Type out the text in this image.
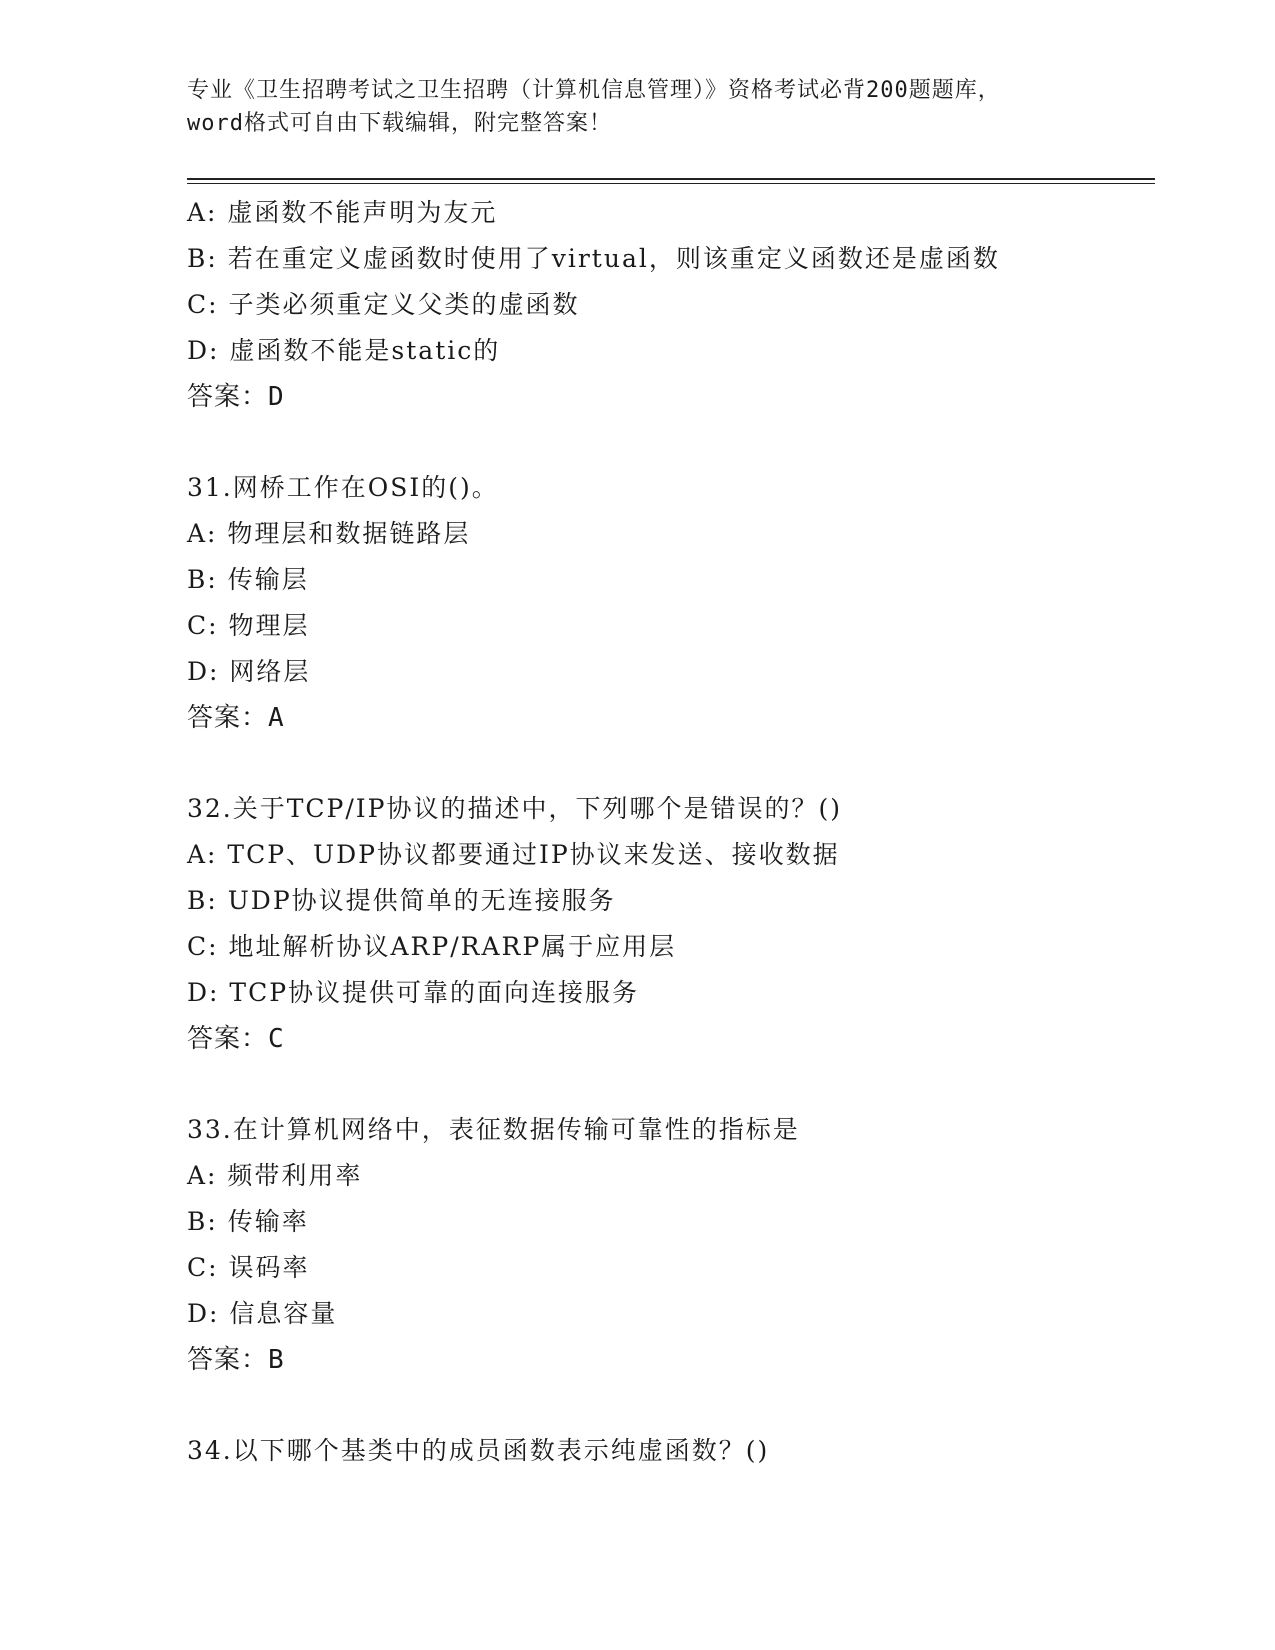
专业《卫生招聘考试之卫生招聘（计算机信息管理）》资格考试必背200题题库，
word格式可自由下载编辑，附完整答案！
A: 虚函数不能声明为友元
B: 若在重定义虚函数时使用了virtual，则该重定义函数还是虚函数
C: 子类必须重定义父类的虚函数
D: 虚函数不能是static的
答案：D
31.网桥工作在OSI的()。
A: 物理层和数据链路层
B: 传输层
C: 物理层
D: 网络层
答案：A
32.关于TCP/IP协议的描述中，下列哪个是错误的？()
A: TCP、UDP协议都要通过IP协议来发送、接收数据
B: UDP协议提供简单的无连接服务
C: 地址解析协议ARP/RARP属于应用层
D: TCP协议提供可靠的面向连接服务
答案：C
33.在计算机网络中，表征数据传输可靠性的指标是
A: 频带利用率
B: 传输率
C: 误码率
D: 信息容量
答案：B
34.以下哪个基类中的成员函数表示纯虚函数？()
